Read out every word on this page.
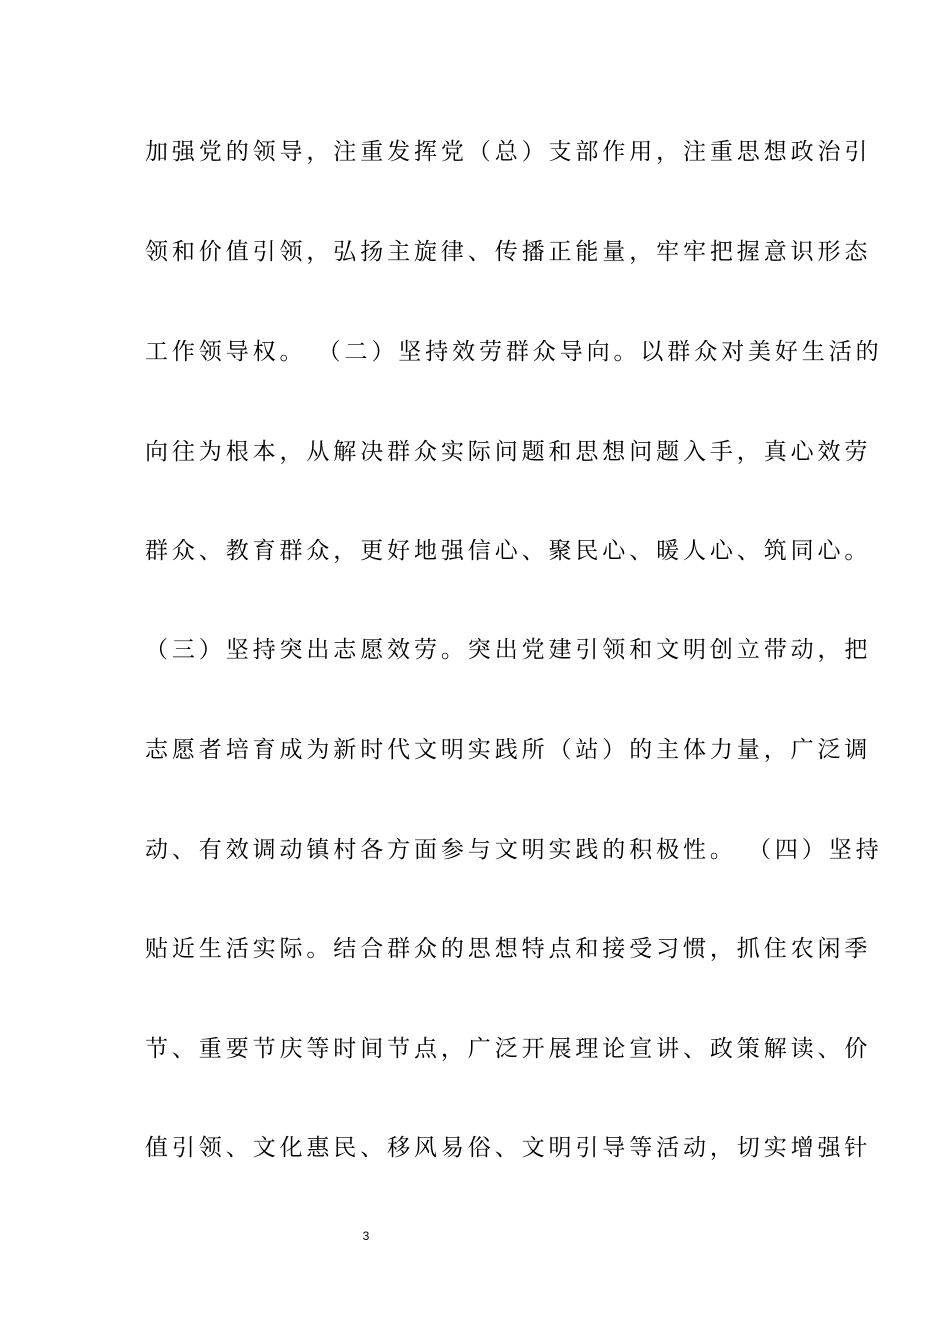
加强党的领导，注重发挥党（总）支部作用，注重思想政治引
领和价值引领，弘扬主旋律、传播正能量，牢牢把握意识形态
工作领导权。 （二）坚持效劳群众导向。以群众对美好生活的
向往为根本，从解决群众实际问题和思想问题入手，真心效劳
群众、教育群众，更好地强信心、聚民心、暖人心、筑同心。
（三）坚持突出志愿效劳。突出党建引领和文明创立带动，把
志愿者培育成为新时代文明实践所（站）的主体力量，广泛调
动、有效调动镇村各方面参与文明实践的积极性。 （四）坚持
贴近生活实际。结合群众的思想特点和接受习惯，抓住农闲季
节、重要节庆等时间节点，广泛开展理论宣讲、政策解读、价
值引领、文化惠民、移风易俗、文明引导等活动，切实增强针
3
